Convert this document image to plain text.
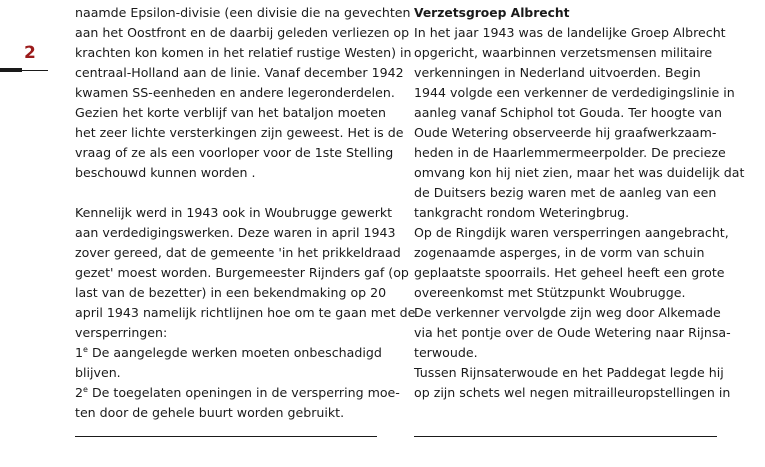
2
naamde Epsilon-divisie (een divisie die na gevechten
aan het Oostfront en de daarbij geleden verliezen op
krachten kon komen in het relatief rustige Westen) in
centraal-Holland aan de linie. Vanaf december 1942
kwamen SS-eenheden en andere legeronderdelen.
Gezien het korte verblijf van het bataljon moeten
het zeer lichte versterkingen zijn geweest. Het is de
vraag of ze als een voorloper voor de 1ste Stelling
beschouwd kunnen worden .
Kennelijk werd in 1943 ook in Woubrugge gewerkt
aan verdedigingswerken. Deze waren in april 1943
zover gereed, dat de gemeente 'in het prikkeldraad
gezet' moest worden. Burgemeester Rijnders gaf (op
last van de bezetter) in een bekendmaking op 20
april 1943 namelijk richtlijnen hoe om te gaan met de
versperringen:
1e De aangelegde werken moeten onbeschadigd
blijven.
2e De toegelaten openingen in de versperring moe-
ten door de gehele buurt worden gebruikt.
Verzetsgroep Albrecht
In het jaar 1943 was de landelijke Groep Albrecht
opgericht, waarbinnen verzetsmensen militaire
verkenningen in Nederland uitvoerden. Begin
1944 volgde een verkenner de verdedigingslinie in
aanleg vanaf Schiphol tot Gouda. Ter hoogte van
Oude Wetering observeerde hij graafwerkzaam-
heden in de Haarlemmermeerpolder. De precieze
omvang kon hij niet zien, maar het was duidelijk dat
de Duitsers bezig waren met de aanleg van een
tankgracht rondom Weteringbrug.
Op de Ringdijk waren versperringen aangebracht,
zogenaamde asperges, in de vorm van schuin
geplaatste spoorrails. Het geheel heeft een grote
overeenkomst met Stützpunkt Woubrugge.
De verkenner vervolgde zijn weg door Alkemade
via het pontje over de Oude Wetering naar Rijnsa-
terwoude.
Tussen Rijnsaterwoude en het Paddegat legde hij
op zijn schets wel negen mitrailleuropstellingen in
